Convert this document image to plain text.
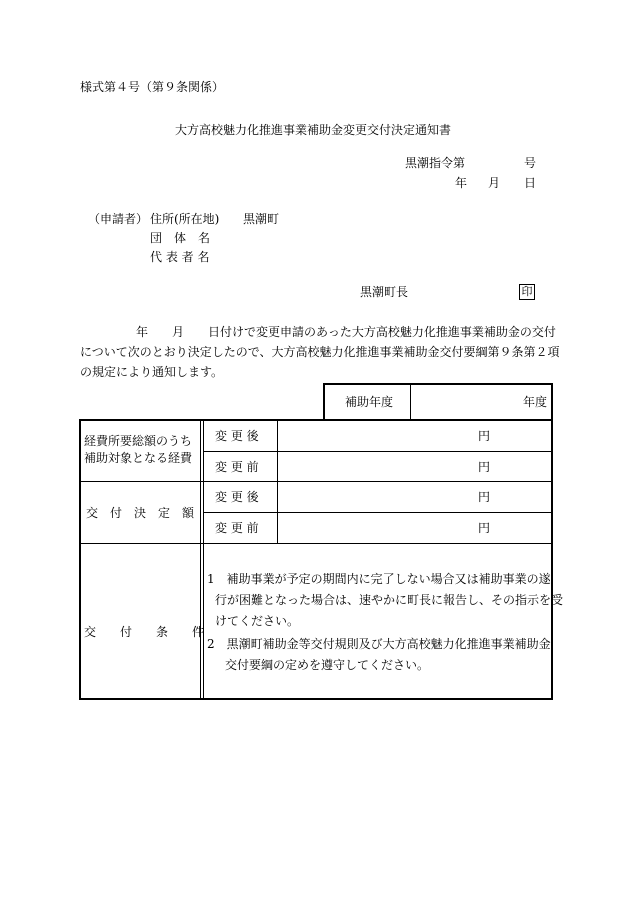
様式第４号（第９条関係）
大方高校魅力化推進事業補助金変更交付決定通知書
黒潮指令第	号
年 月 日
（申請者） 住所(所在地) 黒潮町
団　体　名
代 表 者 名
黒潮町長	印
年 月 日付けで変更申請のあった大方高校魅力化推進事業補助金の交付
について次のとおり決定したので、大方高校魅力化推進事業補助金交付要綱第９条第２項
の規定により通知します。
補助年度	年度
経費所要総額のうち
補助対象となる経費
変 更 後	円
変 更 前	円
交　付　決　定　額
変 更 後	円
変 更 前	円
交　　付　　条　　件
1　補助事業が予定の期間内に完了しない場合又は補助事業の遂
行が困難となった場合は、速やかに町長に報告し、その指示を受
けてください。
2　黒潮町補助金等交付規則及び大方高校魅力化推進事業補助金
交付要綱の定めを遵守してください。
